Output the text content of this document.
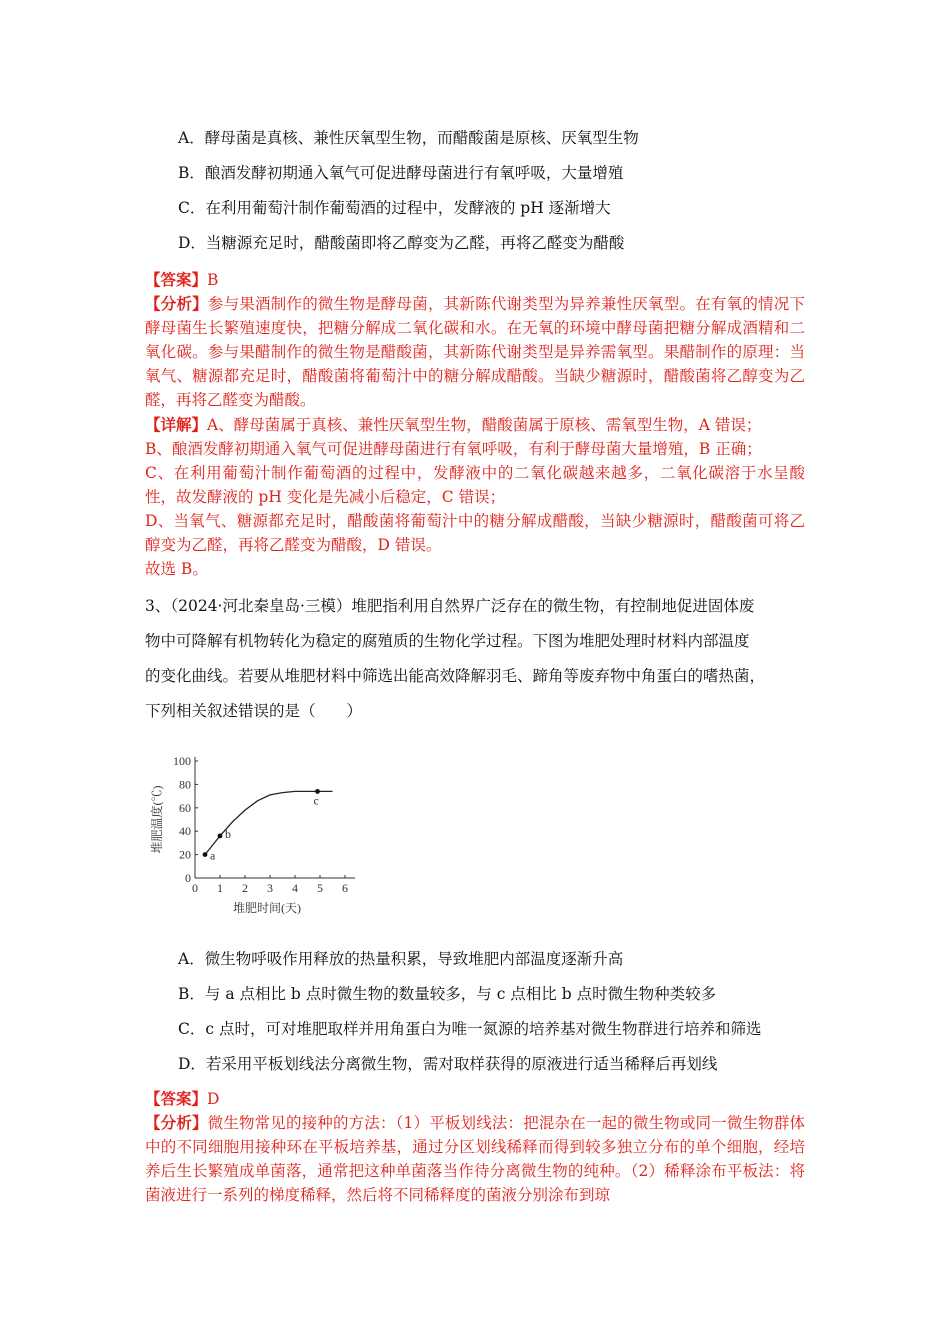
A．酵母菌是真核、兼性厌氧型生物，而醋酸菌是原核、厌氧型生物
B．酿酒发酵初期通入氧气可促进酵母菌进行有氧呼吸，大量增殖
C．在利用葡萄汁制作葡萄酒的过程中，发酵液的 pH 逐渐增大
D．当糖源充足时，醋酸菌即将乙醇变为乙醛，再将乙醛变为醋酸
【答案】B
【分析】参与果酒制作的微生物是酵母菌，其新陈代谢类型为异养兼性厌氧型。在有氧的情况下酵母菌生长繁殖速度快，把糖分解成二氧化碳和水。在无氧的环境中酵母菌把糖分解成酒精和二氧化碳。参与果醋制作的微生物是醋酸菌，其新陈代谢类型是异养需氧型。果醋制作的原理：当氧气、糖源都充足时，醋酸菌将葡萄汁中的糖分解成醋酸。当缺少糖源时，醋酸菌将乙醇变为乙醛，再将乙醛变为醋酸。
【详解】A、酵母菌属于真核、兼性厌氧型生物，醋酸菌属于原核、需氧型生物，A 错误；
B、酿酒发酵初期通入氧气可促进酵母菌进行有氧呼吸，有利于酵母菌大量增殖，B 正确；
C、在利用葡萄汁制作葡萄酒的过程中，发酵液中的二氧化碳越来越多，二氧化碳溶于水呈酸性，故发酵液的 pH 变化是先减小后稳定，C 错误；
D、当氧气、糖源都充足时，醋酸菌将葡萄汁中的糖分解成醋酸，当缺少糖源时，醋酸菌可将乙醇变为乙醛，再将乙醛变为醋酸，D 错误。
故选 B。
3、（2024·河北秦皇岛·三模）堆肥指利用自然界广泛存在的微生物，有控制地促进固体废
物中可降解有机物转化为稳定的腐殖质的生物化学过程。下图为堆肥处理时材料内部温度
的变化曲线。若要从堆肥材料中筛选出能高效降解羽毛、蹄角等废弃物中角蛋白的嗜热菌，
下列相关叙述错误的是（　　）
0 1 2 3 4 5 6
0
20
40
60
80
100
堆肥时间(天)
堆肥温度(℃)
a
b
c
A．微生物呼吸作用释放的热量积累，导致堆肥内部温度逐渐升高
B．与 a 点相比 b 点时微生物的数量较多，与 c 点相比 b 点时微生物种类较多
C．c 点时，可对堆肥取样并用角蛋白为唯一氮源的培养基对微生物群进行培养和筛选
D．若采用平板划线法分离微生物，需对取样获得的原液进行适当稀释后再划线
【答案】D
【分析】微生物常见的接种的方法：（1）平板划线法：把混杂在一起的微生物或同一微生物群体中的不同细胞用接种环在平板培养基，通过分区划线稀释而得到较多独立分布的单个细胞，经培养后生长繁殖成单菌落，通常把这种单菌落当作待分离微生物的纯种。（2）稀释涂布平板法：将菌液进行一系列的梯度稀释，然后将不同稀释度的菌液分别涂布到琼
